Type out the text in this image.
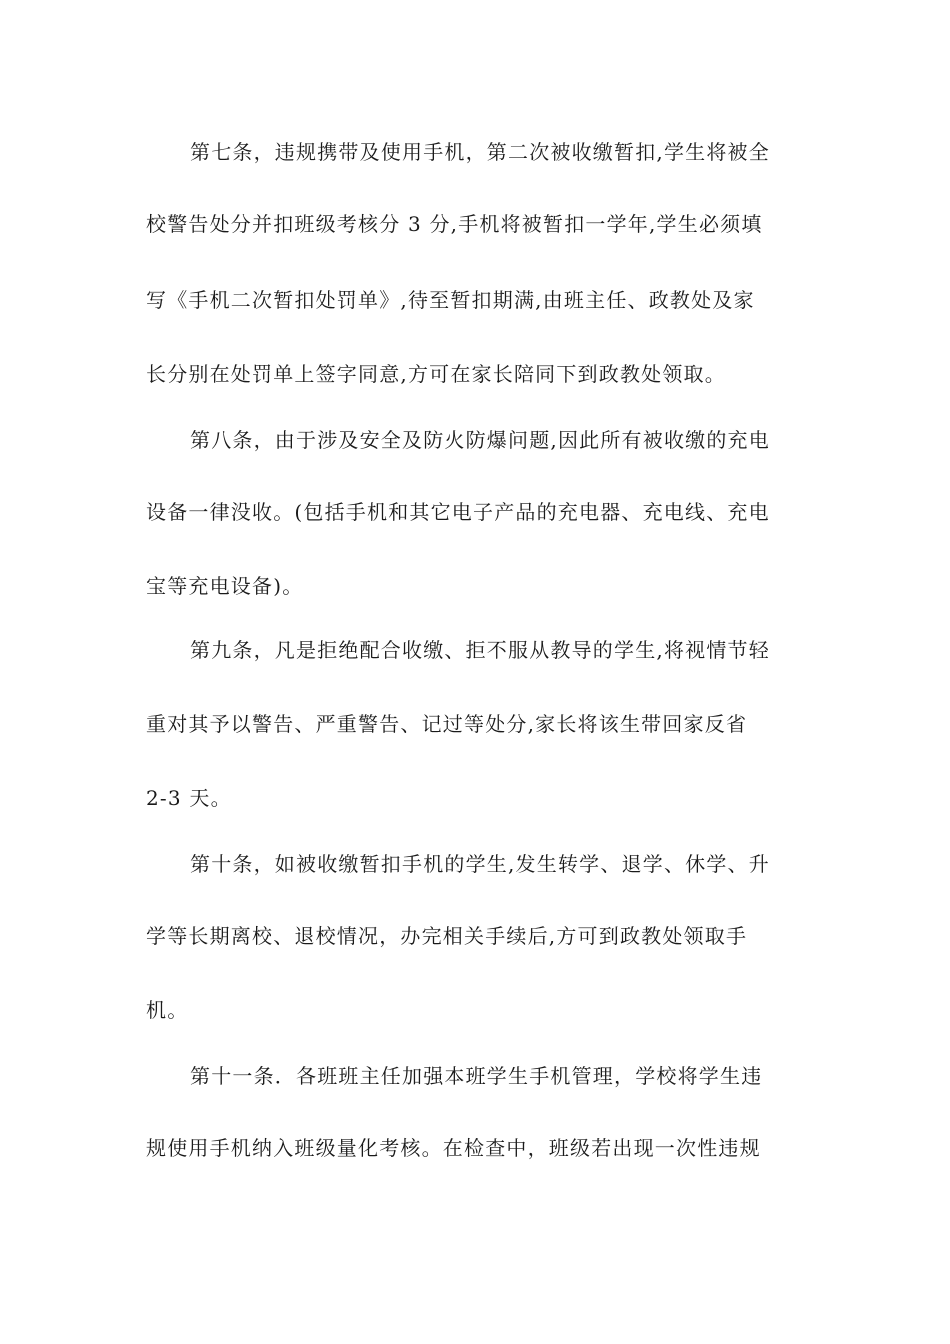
第七条，违规携带及使用手机，第二次被收缴暂扣,学生将被全
校警告处分并扣班级考核分 3 分,手机将被暂扣一学年,学生必须填
写《手机二次暂扣处罚单》,待至暂扣期满,由班主任、政教处及家
长分别在处罚单上签字同意,方可在家长陪同下到政教处领取。
第八条，由于涉及安全及防火防爆问题,因此所有被收缴的充电
设备一律没收。(包括手机和其它电子产品的充电器、充电线、充电
宝等充电设备)。
第九条，凡是拒绝配合收缴、拒不服从教导的学生,将视情节轻
重对其予以警告、严重警告、记过等处分,家长将该生带回家反省
2-3 天。
第十条，如被收缴暂扣手机的学生,发生转学、退学、休学、升
学等长期离校、退校情况，办完相关手续后,方可到政教处领取手
机。
第十一条．各班班主任加强本班学生手机管理，学校将学生违
规使用手机纳入班级量化考核。在检查中，班级若出现一次性违规
